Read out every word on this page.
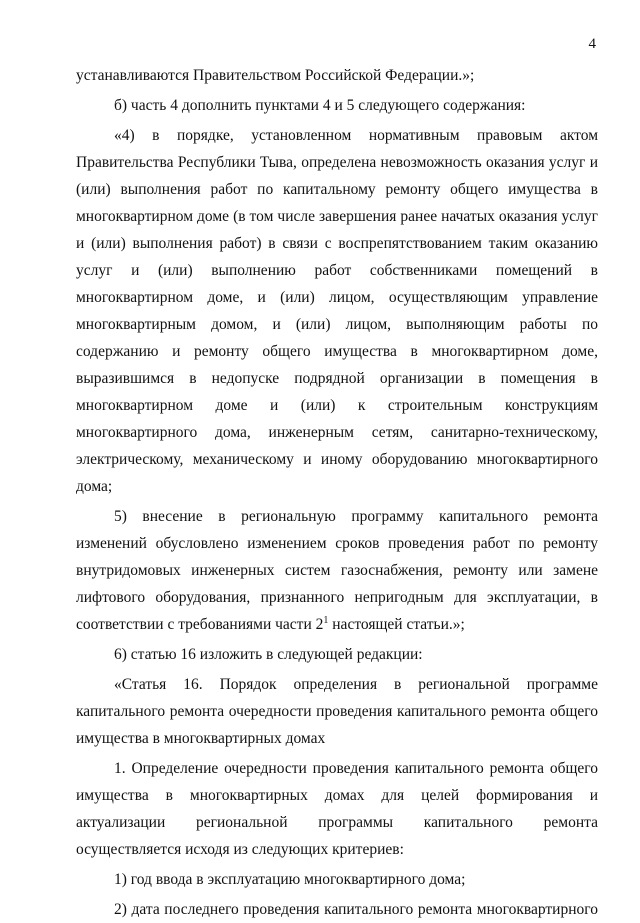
4

устанавливаются Правительством Российской Федерации.»;

б) часть 4 дополнить пунктами 4 и 5 следующего содержания:

«4) в порядке, установленном нормативным правовым актом Правительства Республики Тыва, определена невозможность оказания услуг и (или) выполнения работ по капитальному ремонту общего имущества в многоквартирном доме (в том числе завершения ранее начатых оказания услуг и (или) выполнения работ) в связи с воспрепятствованием таким оказанию услуг и (или) выполнению работ собственниками помещений в многоквартирном доме, и (или) лицом, осуществляющим управление многоквартирным домом, и (или) лицом, выполняющим работы по содержанию и ремонту общего имущества в многоквартирном доме, выразившимся в недопуске подрядной организации в помещения в многоквартирном доме и (или) к строительным конструкциям многоквартирного дома, инженерным сетям, санитарно-техническому, электрическому, механическому и иному оборудованию многоквартирного дома;

5) внесение в региональную программу капитального ремонта изменений обусловлено изменением сроков проведения работ по ремонту внутридомовых инженерных систем газоснабжения, ремонту или замене лифтового оборудования, признанного непригодным для эксплуатации, в соответствии с требованиями части $2^1$ настоящей статьи.»;

6) статью 16 изложить в следующей редакции:

«Статья 16. Порядок определения в региональной программе

капитального ремонта очередности проведения капитального ремонта общего имущества в многоквартирных домах

1. Определение очередности проведения капитального ремонта общего имущества в многоквартирных домах для целей формирования и актуализации региональной программы капитального ремонта осуществляется исходя из следующих критериев:

1) год ввода в эксплуатацию многоквартирного дома;

2) дата последнего проведения капитального ремонта многоквартирного
